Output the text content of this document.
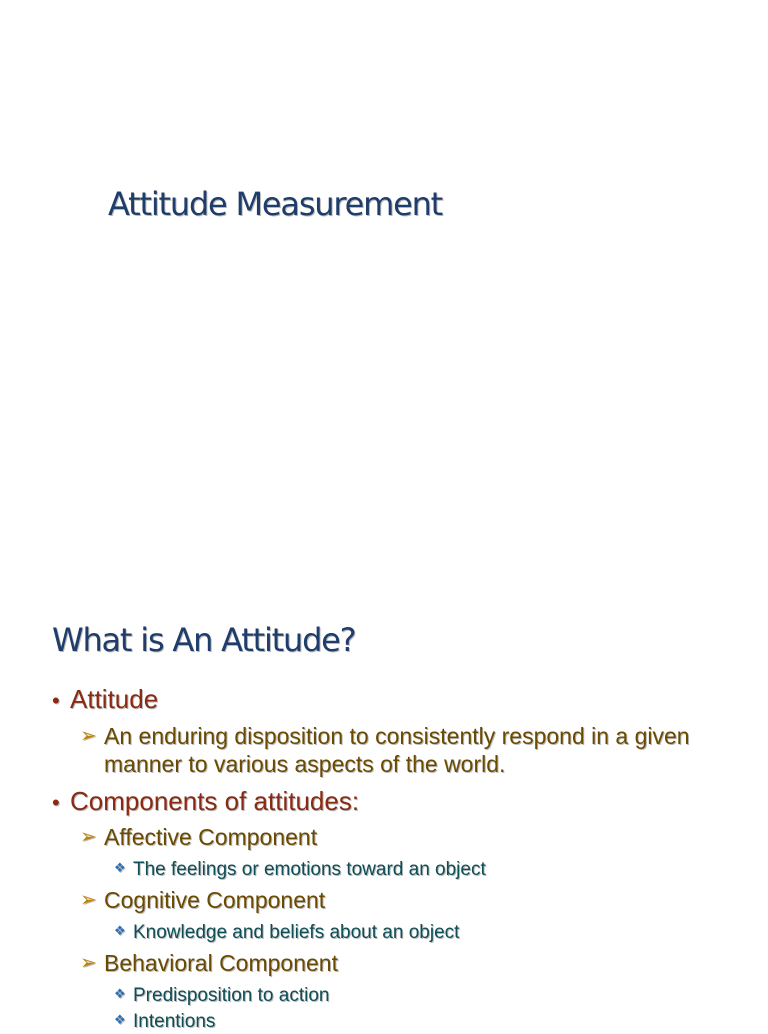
Attitude Measurement
What is An Attitude?
• Attitude
➢ An enduring disposition to consistently respond in a given manner to various aspects of the world.
• Components of attitudes:
➢ Affective Component
❖ The feelings or emotions toward an object
➢ Cognitive Component
❖ Knowledge and beliefs about an object
➢ Behavioral Component
❖ Predisposition to action
❖ Intentions
